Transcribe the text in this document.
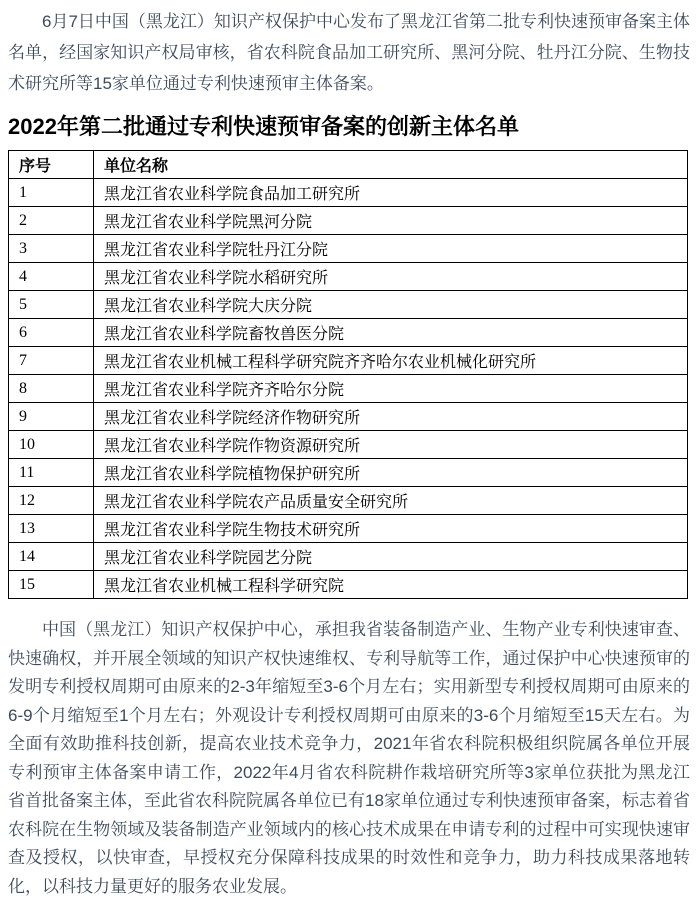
6月7日中国（黑龙江）知识产权保护中心发布了黑龙江省第二批专利快速预审备案主体名单，经国家知识产权局审核，省农科院食品加工研究所、黑河分院、牡丹江分院、生物技术研究所等15家单位通过专利快速预审主体备案。

2022年第二批通过专利快速预审备案的创新主体名单
序号	单位名称
1	黑龙江省农业科学院食品加工研究所
2	黑龙江省农业科学院黑河分院
3	黑龙江省农业科学院牡丹江分院
4	黑龙江省农业科学院水稻研究所
5	黑龙江省农业科学院大庆分院
6	黑龙江省农业科学院畜牧兽医分院
7	黑龙江省农业机械工程科学研究院齐齐哈尔农业机械化研究所
8	黑龙江省农业科学院齐齐哈尔分院
9	黑龙江省农业科学院经济作物研究所
10	黑龙江省农业科学院作物资源研究所
11	黑龙江省农业科学院植物保护研究所
12	黑龙江省农业科学院农产品质量安全研究所
13	黑龙江省农业科学院生物技术研究所
14	黑龙江省农业科学院园艺分院
15	黑龙江省农业机械工程科学研究院

中国（黑龙江）知识产权保护中心，承担我省装备制造产业、生物产业专利快速审查、快速确权，并开展全领域的知识产权快速维权、专利导航等工作，通过保护中心快速预审的发明专利授权周期可由原来的2-3年缩短至3-6个月左右；实用新型专利授权周期可由原来的6-9个月缩短至1个月左右；外观设计专利授权周期可由原来的3-6个月缩短至15天左右。为全面有效助推科技创新，提高农业技术竞争力，2021年省农科院积极组织院属各单位开展专利预审主体备案申请工作，2022年4月省农科院耕作栽培研究所等3家单位获批为黑龙江省首批备案主体，至此省农科院院属各单位已有18家单位通过专利快速预审备案，标志着省农科院在生物领域及装备制造产业领域内的核心技术成果在申请专利的过程中可实现快速审查及授权，以快审查，早授权充分保障科技成果的时效性和竞争力，助力科技成果落地转化，以科技力量更好的服务农业发展。
